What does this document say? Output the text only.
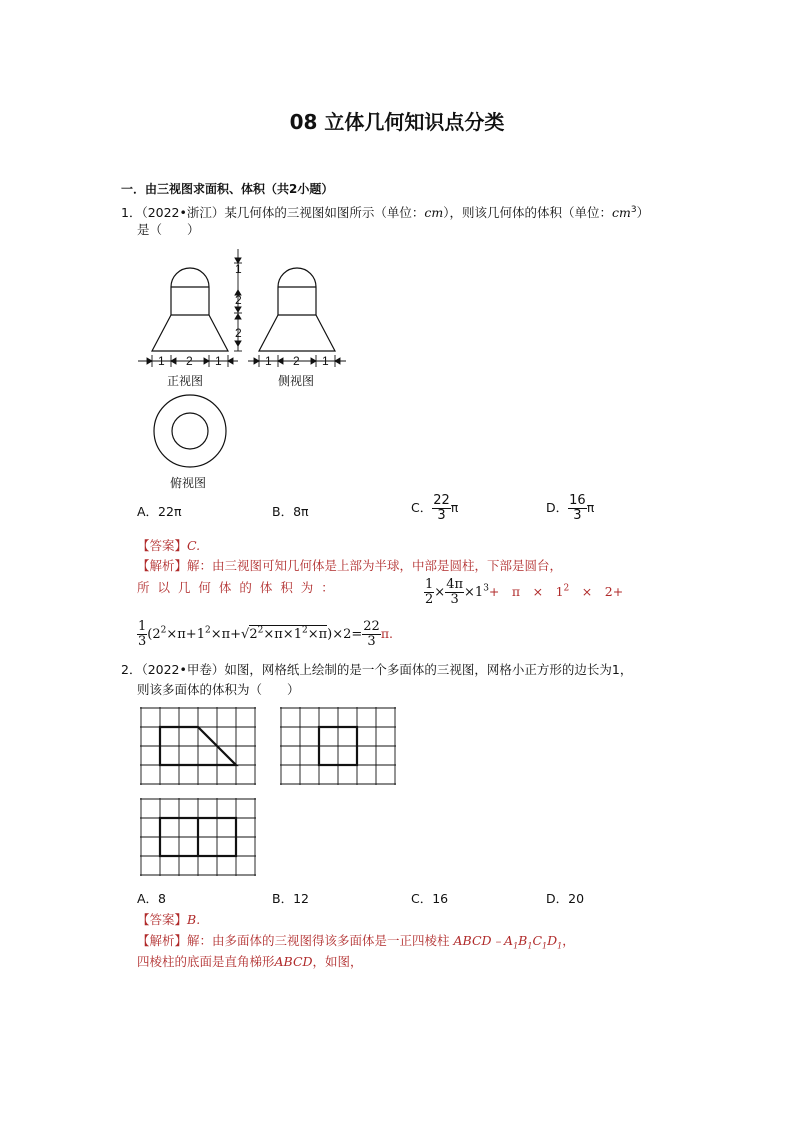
08 立体几何知识点分类
一．由三视图求面积、体积（共2小题）
1．（2022•浙江）某几何体的三视图如图所示（单位：cm），则该几何体的体积（单位：$cm^3$）
是（　　）
1
2
2
1 2 1	1 2 1
正视图	侧视图
俯视图
A．22π	B．8π	C． $\frac{22}{3}$ π	D． $\frac{16}{3}$ π
【答案】C.
【解析】解：由三视图可知几何体是上部为半球，中部是圆柱，下部是圆台，
所 以 几 何 体 的 体 积 为 ：	$\frac{1}{2} \times \frac{4\pi}{3} \times 1^3+$　π　×　$1^2$　×　2+
$\frac{1}{3} (2^2\times\pi+1^2\times\pi+√2^2\times\pi\times 1^2\times\pi)\times 2= \frac{22}{3} \pi$.
2．（2022•甲卷）如图，网格纸上绘制的是一个多面体的三视图，网格小正方形的边长为1，
则该多面体的体积为（　　）
A．8	B．12	C．16	D．20
【答案】B.
【解析】解：由多面体的三视图得该多面体是一正四棱柱 $ABCD﹣A_1B_1C_1D_1$，
四棱柱的底面是直角梯形ABCD，如图，
